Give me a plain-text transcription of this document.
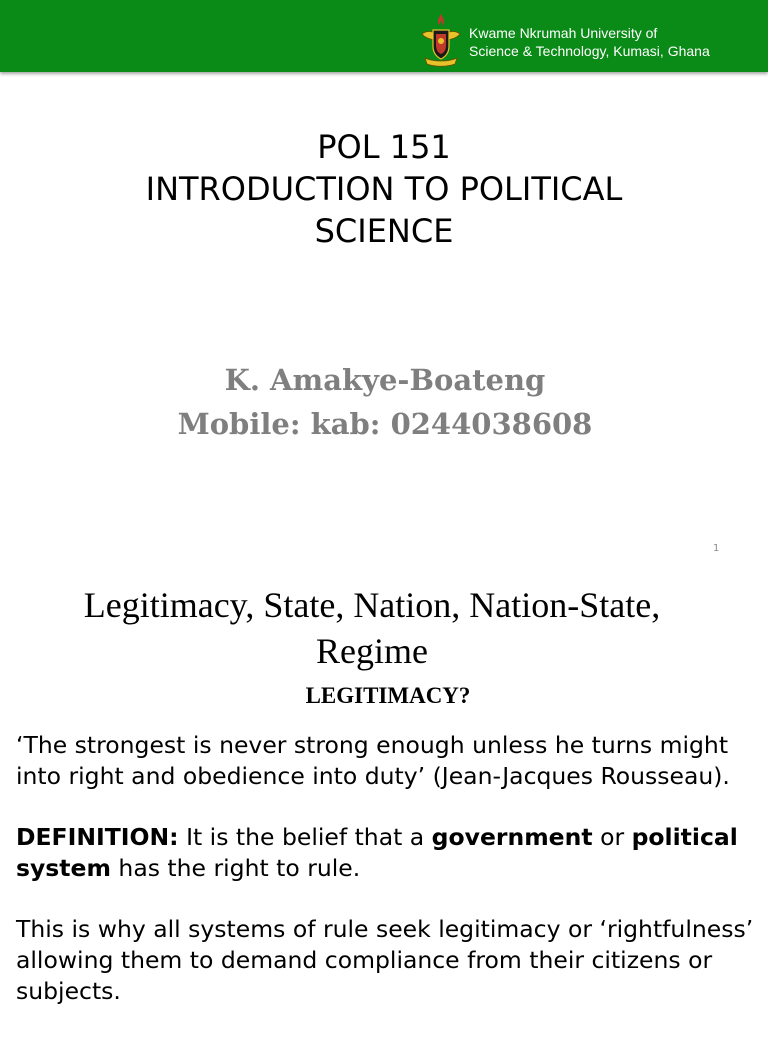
Kwame Nkrumah University of
Science & Technology, Kumasi, Ghana
POL 151
INTRODUCTION TO POLITICAL
SCIENCE
K. Amakye-Boateng
Mobile: kab: 0244038608
1
Legitimacy, State, Nation, Nation-State,
Regime
LEGITIMACY?

‘The strongest is never strong enough unless he turns might into right and obedience into duty’ (Jean-Jacques Rousseau).

DEFINITION: It is the belief that a government or political system has the right to rule.

This is why all systems of rule seek legitimacy or ‘rightfulness’ allowing them to demand compliance from their citizens or subjects.
